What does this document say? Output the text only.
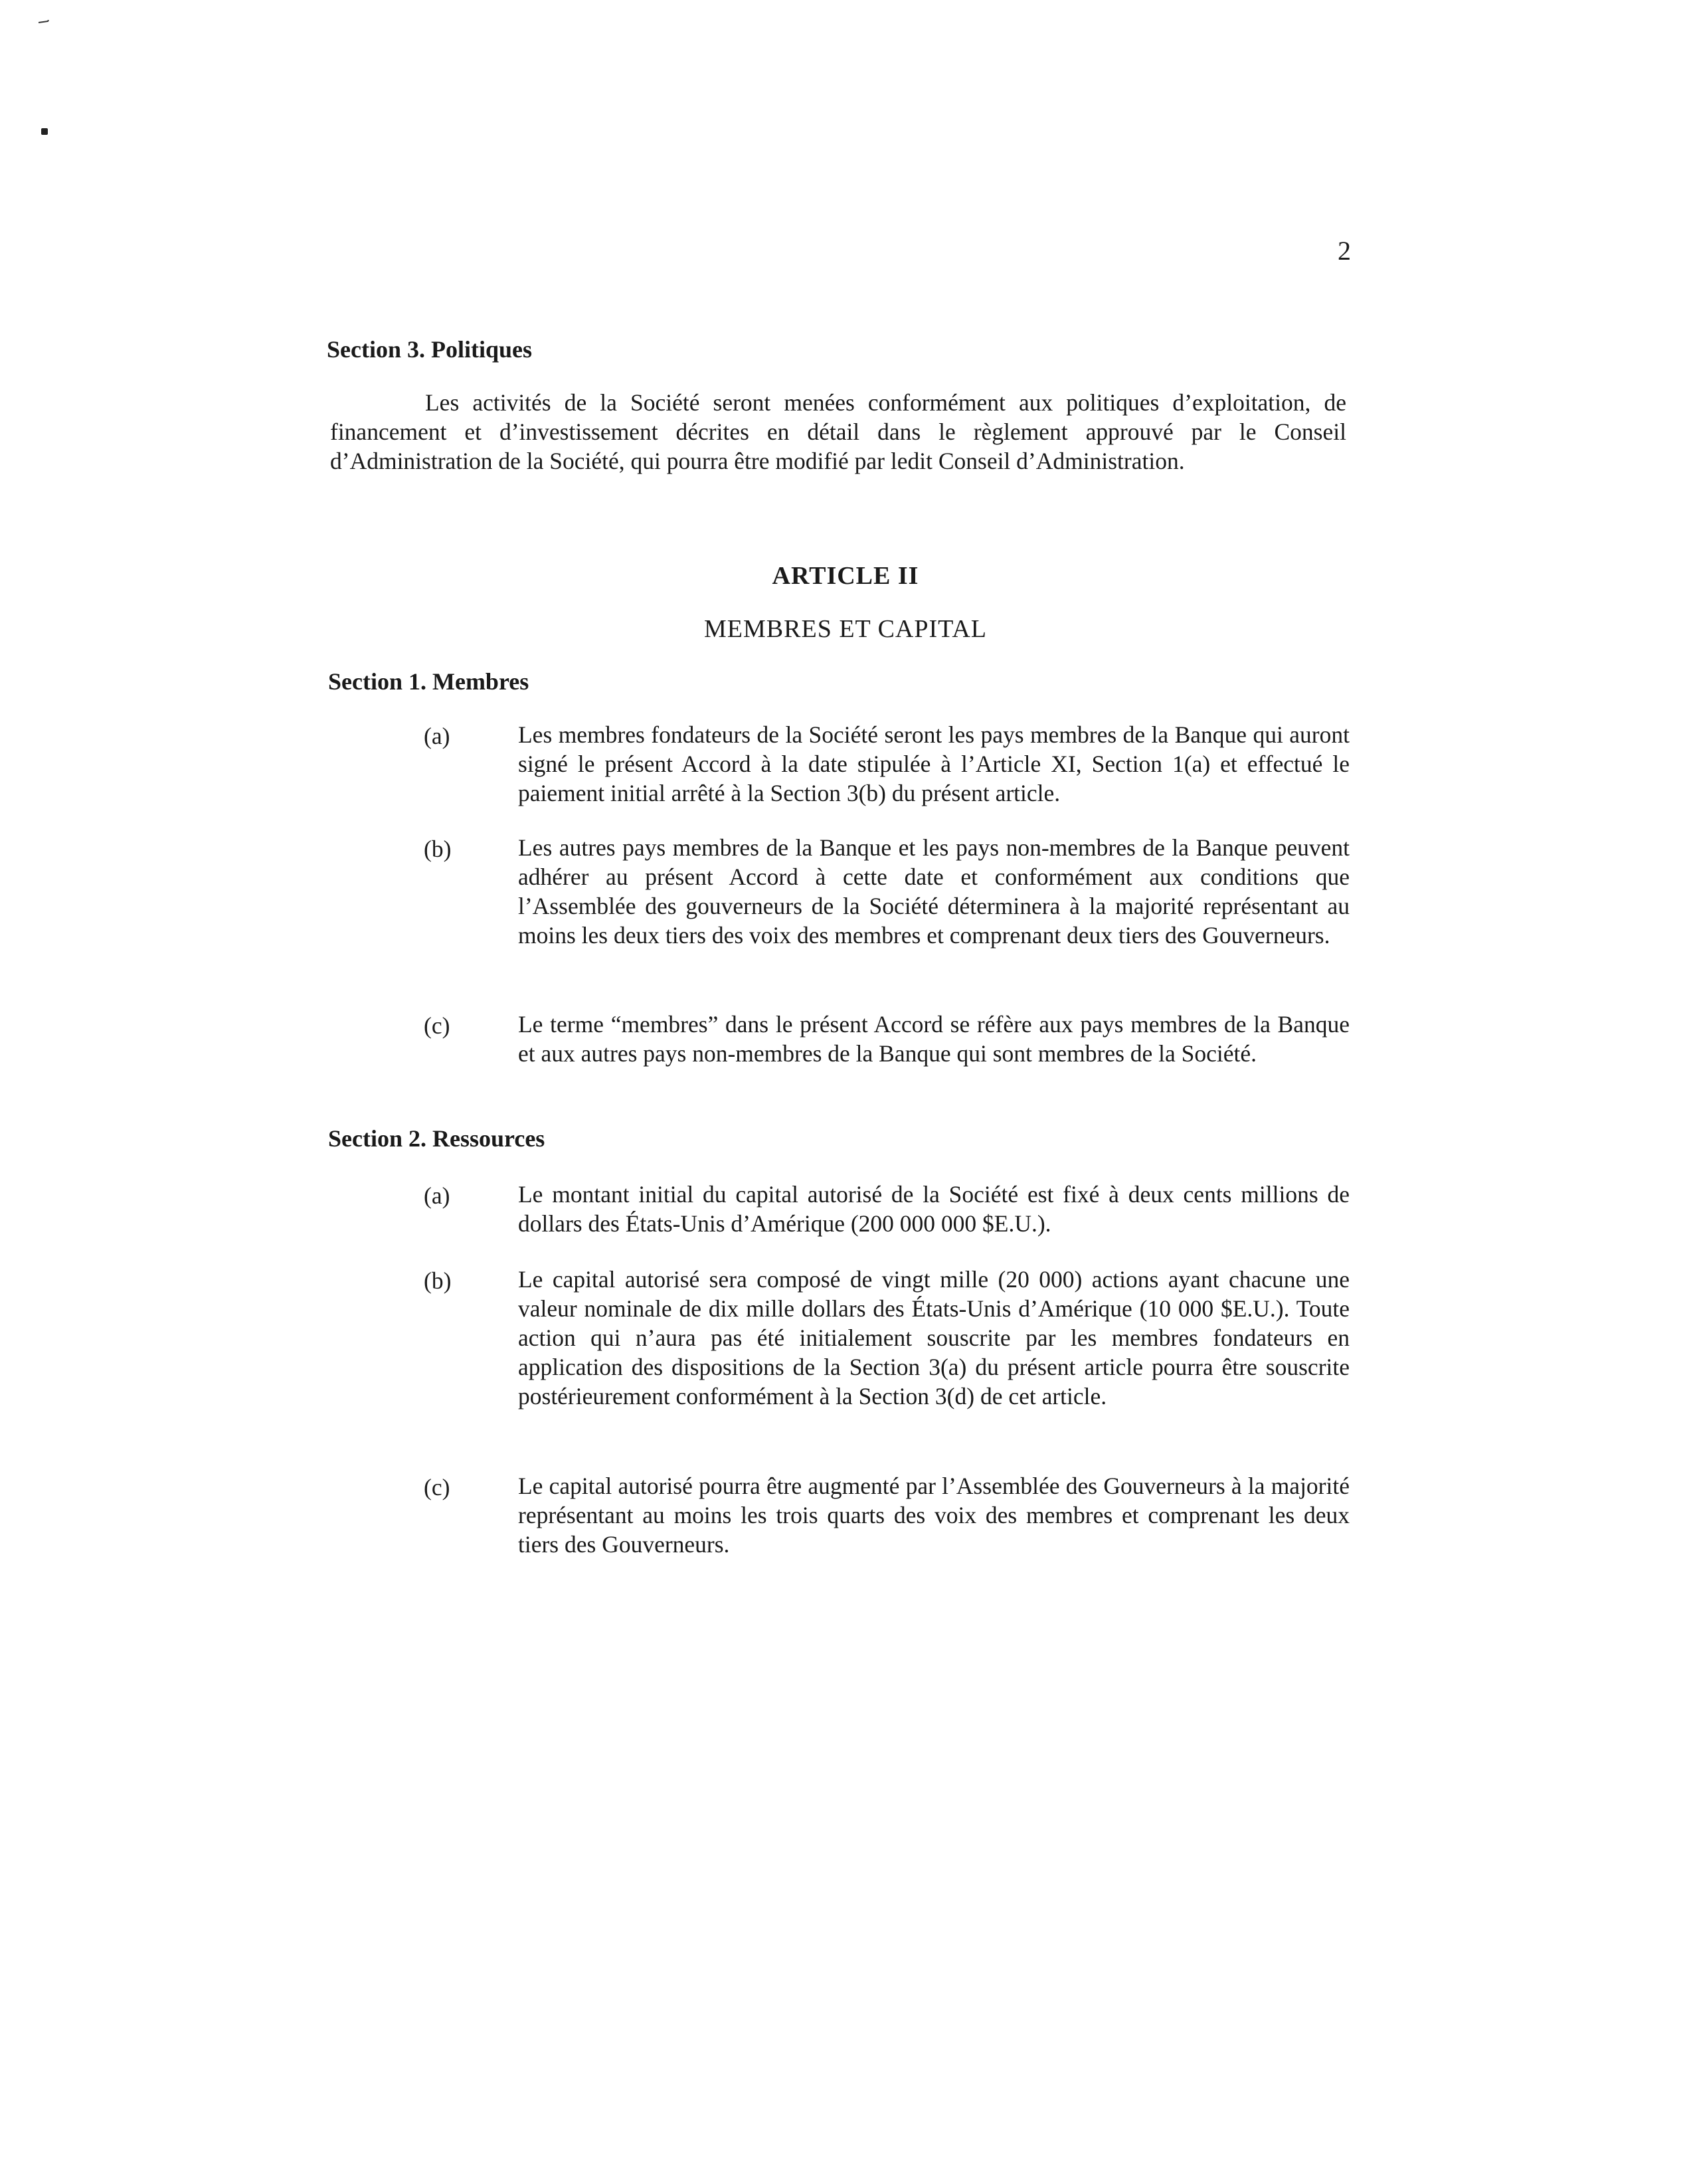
2
Section 3. Politiques
Les activités de la Société seront menées conformément aux politiques d’exploitation, de financement et d’investissement décrites en détail dans le règlement approuvé par le Conseil d’Administration de la Société, qui pourra être modifié par ledit Conseil d’Administration.
ARTICLE II
MEMBRES ET CAPITAL
Section 1. Membres
(a)	Les membres fondateurs de la Société seront les pays membres de la Banque qui auront signé le présent Accord à la date stipulée à l’Article XI, Section 1(a) et effectué le paiement initial arrêté à la Section 3(b) du présent article.
(b)	Les autres pays membres de la Banque et les pays non-membres de la Banque peuvent adhérer au présent Accord à cette date et conformément aux conditions que l’Assemblée des gouverneurs de la Société déterminera à la majorité représentant au moins les deux tiers des voix des membres et comprenant deux tiers des Gouverneurs.
(c)	Le terme “membres” dans le présent Accord se réfère aux pays membres de la Banque et aux autres pays non-membres de la Banque qui sont membres de la Société.
Section 2. Ressources
(a)	Le montant initial du capital autorisé de la Société est fixé à deux cents millions de dollars des États-Unis d’Amérique (200 000 000 $E.U.).
(b)	Le capital autorisé sera composé de vingt mille (20 000) actions ayant chacune une valeur nominale de dix mille dollars des États-Unis d’Amérique (10 000 $E.U.). Toute action qui n’aura pas été initialement souscrite par les membres fondateurs en application des dispositions de la Section 3(a) du présent article pourra être souscrite postérieurement conformément à la Section 3(d) de cet article.
(c)	Le capital autorisé pourra être augmenté par l’Assemblée des Gouverneurs à la majorité représentant au moins les trois quarts des voix des membres et comprenant les deux tiers des Gouverneurs.
